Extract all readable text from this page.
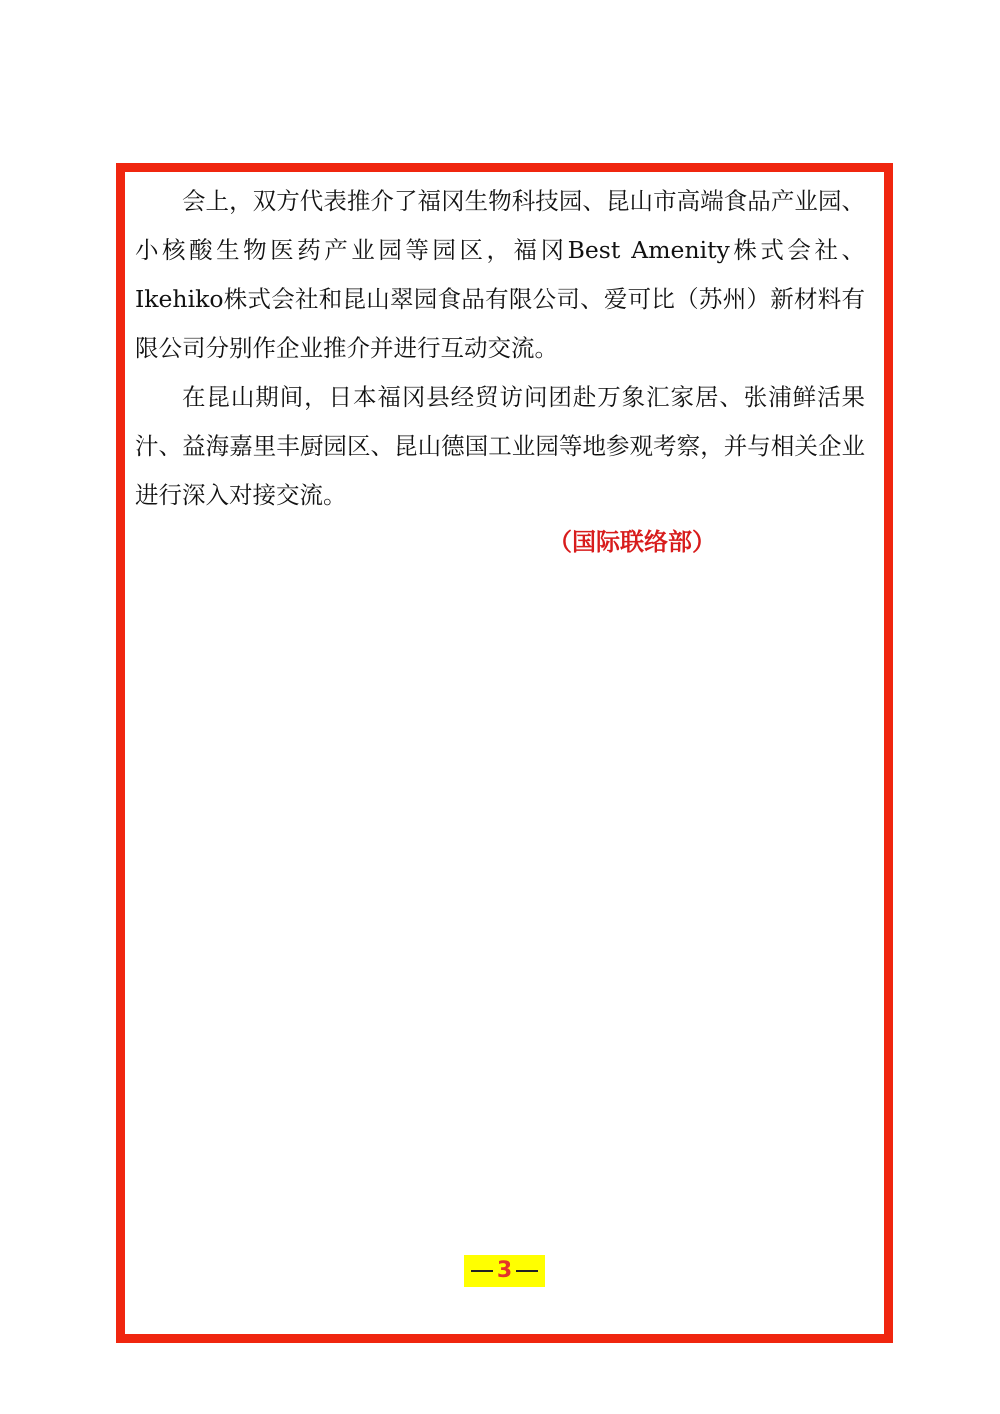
会上，双方代表推介了福冈生物科技园、昆山市高端食品产业园、小核酸生物医药产业园等园区，福冈Best Amenity株式会社、Ikehiko株式会社和昆山翠园食品有限公司、爱可比（苏州）新材料有限公司分别作企业推介并进行互动交流。

在昆山期间，日本福冈县经贸访问团赴万象汇家居、张浦鲜活果汁、益海嘉里丰厨园区、昆山德国工业园等地参观考察，并与相关企业进行深入对接交流。

（国际联络部）
3
